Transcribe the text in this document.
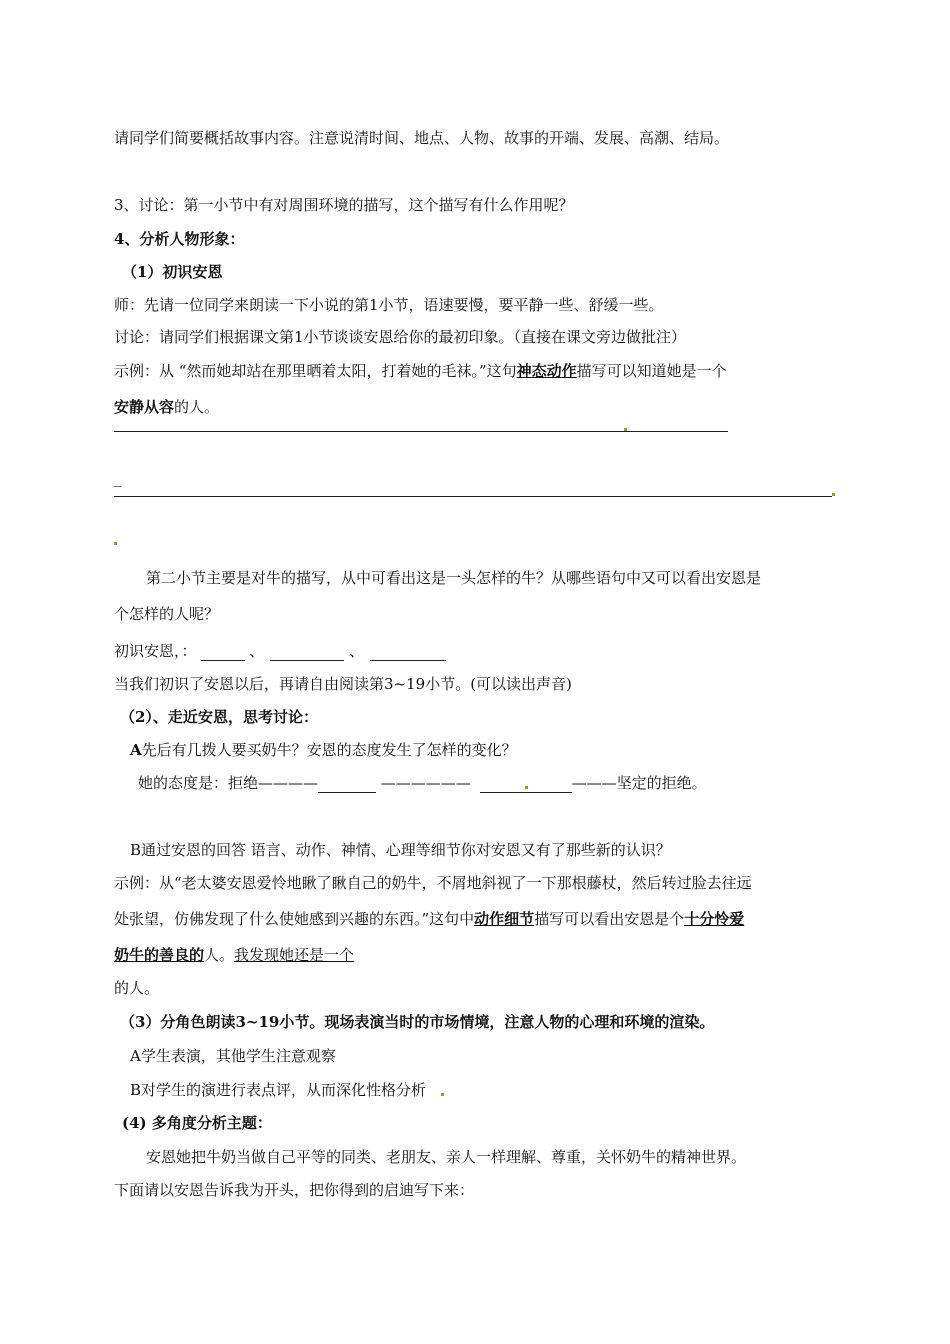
请同学们简要概括故事内容。注意说清时间、地点、人物、故事的开端、发展、高潮、结局。
3、讨论：第一小节中有对周围环境的描写，这个描写有什么作用呢？
4、分析人物形象：
（1）初识安恩
师：先请一位同学来朗读一下小说的第1小节，语速要慢，要平静一些、舒缓一些。
讨论：请同学们根据课文第1小节谈谈安恩给你的最初印象。（直接在课文旁边做批注）
示例：从 “然而她却站在那里晒着太阳，打着她的毛袜。”这句神态动作描写可以知道她是一个
安静从容的人。
_
第二小节主要是对牛的描写，从中可看出这是一头怎样的牛？从哪些语句中又可以看出安恩是
个怎样的人呢？
初识安恩，：	、	、
当我们初识了安恩以后，再请自由阅读第3~19小节。(可以读出声音)
（2）、走近安恩，思考讨论：
A先后有几拨人要买奶牛？安恩的态度发生了怎样的变化？
她的态度是：拒绝————	——————	———坚定的拒绝。
B通过安恩的回答 语言、动作、神情、心理等细节你对安恩又有了那些新的认识？
示例：从“老太婆安恩爱怜地瞅了瞅自己的奶牛，不屑地斜视了一下那根藤杖，然后转过脸去往远
处张望，仿佛发现了什么使她感到兴趣的东西。”这句中动作细节描写可以看出安恩是个十分怜爱
奶牛的善良的人。我发现她还是一个
的人。
（3）分角色朗读3~19小节。现场表演当时的市场情境，注意人物的心理和环境的渲染。
A学生表演，其他学生注意观察
B对学生的演进行表点评，从而深化性格分析
(4) 多角度分析主题：
安恩她把牛奶当做自己平等的同类、老朋友、亲人一样理解、尊重，关怀奶牛的精神世界。
下面请以安恩告诉我为开头，把你得到的启迪写下来：
